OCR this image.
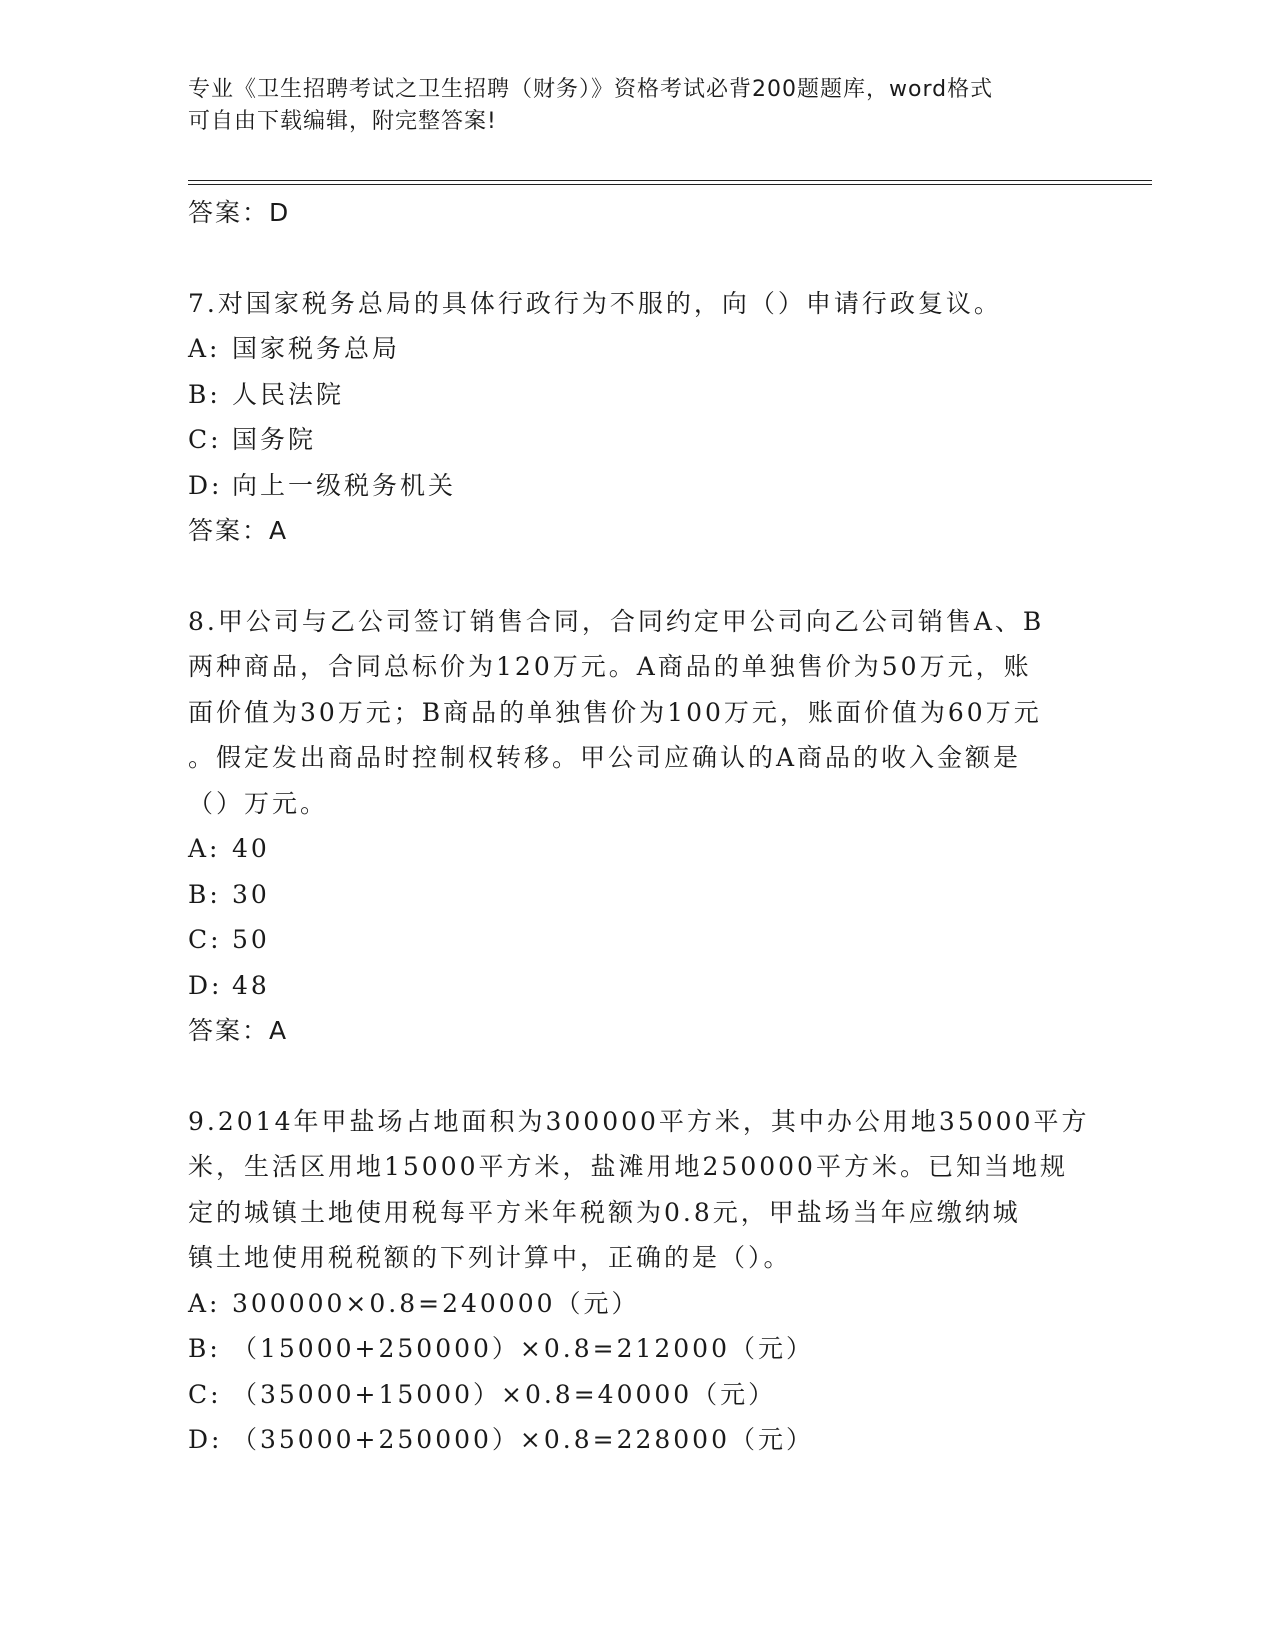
专业《卫生招聘考试之卫生招聘（财务）》资格考试必背200题题库，word格式
可自由下载编辑，附完整答案!
答案：D
7.对国家税务总局的具体行政行为不服的，向（）申请行政复议。
A: 国家税务总局
B: 人民法院
C: 国务院
D: 向上一级税务机关
答案：A
8.甲公司与乙公司签订销售合同，合同约定甲公司向乙公司销售A、B
两种商品，合同总标价为120万元。A商品的单独售价为50万元，账
面价值为30万元；B商品的单独售价为100万元，账面价值为60万元
。假定发出商品时控制权转移。甲公司应确认的A商品的收入金额是
（）万元。
A: 40
B: 30
C: 50
D: 48
答案：A
9.2014年甲盐场占地面积为300000平方米，其中办公用地35000平方
米，生活区用地15000平方米，盐滩用地250000平方米。已知当地规
定的城镇土地使用税每平方米年税额为0.8元，甲盐场当年应缴纳城
镇土地使用税税额的下列计算中，正确的是（）。
A: 300000×0.8=240000（元）
B: （15000+250000）×0.8=212000（元）
C: （35000+15000）×0.8=40000（元）
D: （35000+250000）×0.8=228000（元）
